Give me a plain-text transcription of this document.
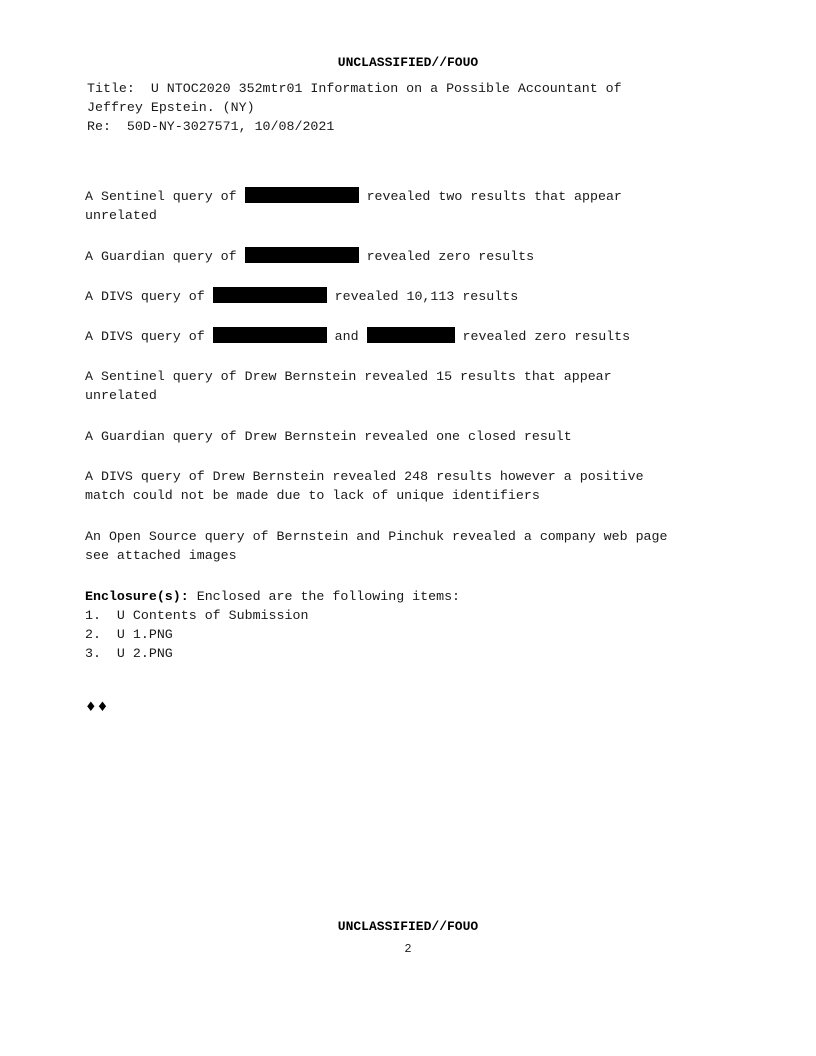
UNCLASSIFIED//FOUO
Title:  U NTOC2020 352mtr01 Information on a Possible Accountant of
Jeffrey Epstein. (NY)
Re:  50D-NY-3027571, 10/08/2021
A Sentinel query of	revealed two results that appear
unrelated
A Guardian query of	revealed zero results
A DIVS query of	revealed 10,113 results
A DIVS query of	and	revealed zero results
A Sentinel query of Drew Bernstein revealed 15 results that appear
unrelated
A Guardian query of Drew Bernstein revealed one closed result
A DIVS query of Drew Bernstein revealed 248 results however a positive
match could not be made due to lack of unique identifiers
An Open Source query of Bernstein and Pinchuk revealed a company web page
see attached images
Enclosure(s): Enclosed are the following items:
1.  U Contents of Submission
2.  U 1.PNG
3.  U 2.PNG
♦♦
UNCLASSIFIED//FOUO
2
